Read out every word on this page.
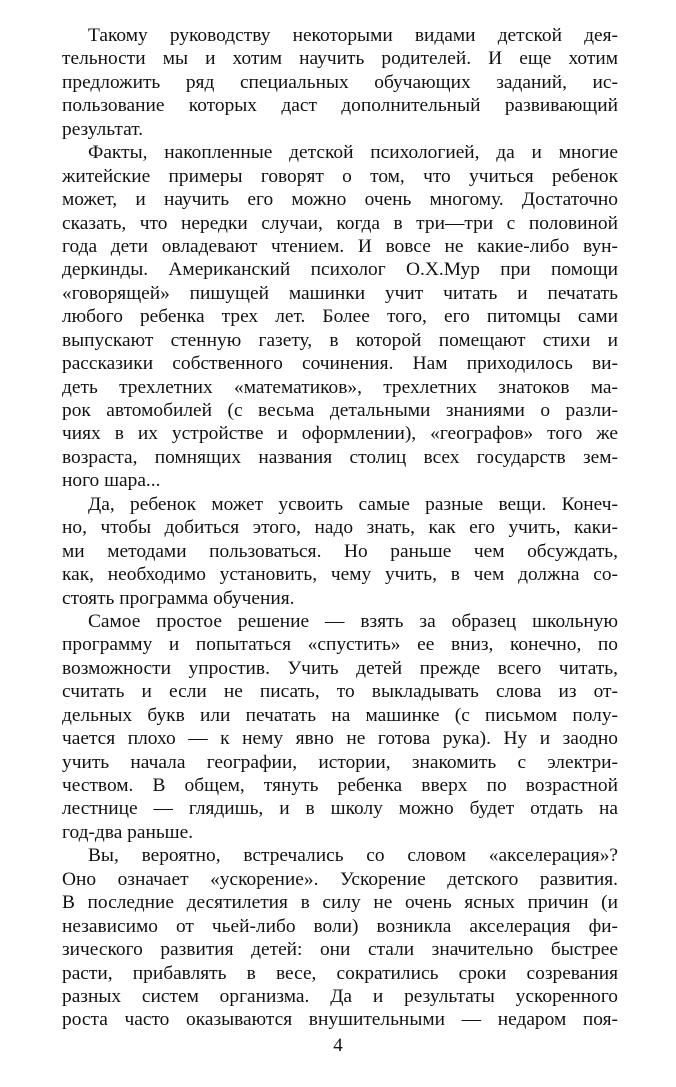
Такому руководству некоторыми видами детской дея-
тельности мы и хотим научить родителей. И еще хотим
предложить ряд специальных обучающих заданий, ис-
пользование которых даст дополнительный развивающий
результат.
Факты, накопленные детской психологией, да и многие
житейские примеры говорят о том, что учиться ребенок
может, и научить его можно очень многому. Достаточно
сказать, что нередки случаи, когда в три—три с половиной
года дети овладевают чтением. И вовсе не какие-либо вун-
деркинды. Американский психолог О.Х.Мур при помощи
«говорящей» пишущей машинки учит читать и печатать
любого ребенка трех лет. Более того, его питомцы сами
выпускают стенную газету, в которой помещают стихи и
рассказики собственного сочинения. Нам приходилось ви-
деть трехлетних «математиков», трехлетних знатоков ма-
рок автомобилей (с весьма детальными знаниями о разли-
чиях в их устройстве и оформлении), «географов» того же
возраста, помнящих названия столиц всех государств зем-
ного шара...
Да, ребенок может усвоить самые разные вещи. Конеч-
но, чтобы добиться этого, надо знать, как его учить, каки-
ми методами пользоваться. Но раньше чем обсуждать,
как, необходимо установить, чему учить, в чем должна со-
стоять программа обучения.
Самое простое решение — взять за образец школьную
программу и попытаться «спустить» ее вниз, конечно, по
возможности упростив. Учить детей прежде всего читать,
считать и если не писать, то выкладывать слова из от-
дельных букв или печатать на машинке (с письмом полу-
чается плохо — к нему явно не готова рука). Ну и заодно
учить начала географии, истории, знакомить с электри-
чеством. В общем, тянуть ребенка вверх по возрастной
лестнице — глядишь, и в школу можно будет отдать на
год-два раньше.
Вы, вероятно, встречались со словом «акселерация»?
Оно означает «ускорение». Ускорение детского развития.
В последние десятилетия в силу не очень ясных причин (и
независимо от чьей-либо воли) возникла акселерация фи-
зического развития детей: они стали значительно быстрее
расти, прибавлять в весе, сократились сроки созревания
разных систем организма. Да и результаты ускоренного
роста часто оказываются внушительными — недаром поя-
4
